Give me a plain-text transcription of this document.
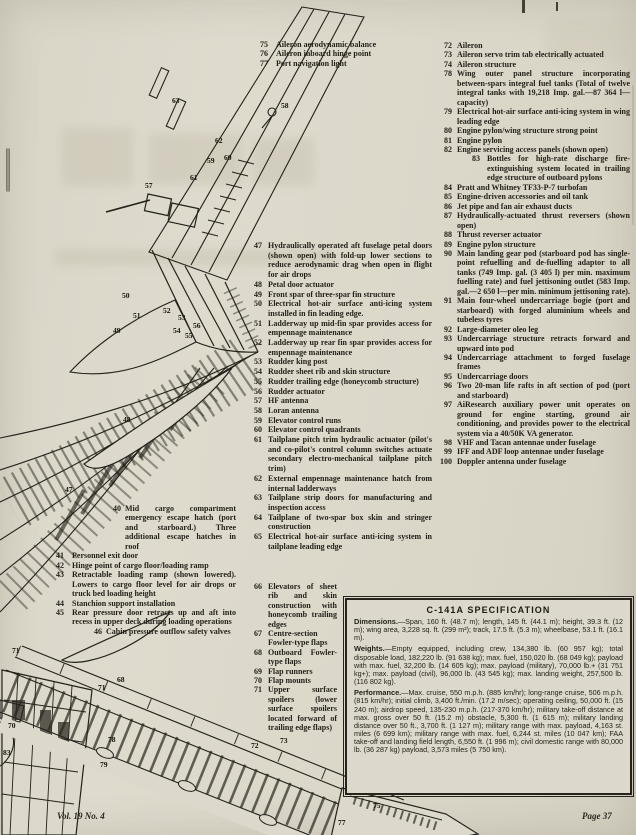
63
58
62
60
59
61
57
50
52
51	53
56
49	54
55
48
47
71
68
71
70
78	73
72
83
79
75
77
75 Aileron aerodynamic balance
76 Aileron inboard hinge point
77 Port navigation light
72 Aileron
73 Aileron servo trim tab electrically actuated
74 Aileron structure
78 Wing outer panel structure incorporating between-spars integral fuel tanks (Total of twelve integral tanks with 19,218 Imp. gal.—87 364 l—capacity)
79 Electrical hot-air surface anti-icing system in wing leading edge
80 Engine pylon/wing structure strong point
81 Engine pylon
82 Engine servicing access panels (shown open)
83 Bottles for high-rate discharge fire-extinguishing system located in trailing edge structure of outboard pylons
84 Pratt and Whitney TF33-P-7 turbofan
85 Engine-driven accessories and oil tank
86 Jet pipe and fan air exhaust ducts
87 Hydraulically-actuated thrust reversers (shown open)
88 Thrust reverser actuator
89 Engine pylon structure
90 Main landing gear pod (starboard pod has single-point refuelling and de-fuelling adaptor to all tanks (749 Imp. gal. (3 405 l) per min. maximum fuelling rate) and fuel jettisoning outlet (583 Imp. gal.—2 650 l—per min. minimum jettisoning rate).
91 Main four-wheel undercarriage bogie (port and starboard) with forged aluminium wheels and tubeless tyres
92 Large-diameter oleo leg
93 Undercarriage structure retracts forward and upward into pod
94 Undercarriage attachment to forged fuselage frames
95 Undercarriage doors
96 Two 20-man life rafts in aft section of pod (port and starboard)
97 AiResearch auxiliary power unit operates on ground for engine starting, ground air conditioning, and provides power to the electrical system via a 40/50K VA generator.
98 VHF and Tacan antennae under fuselage
99 IFF and ADF loop antennae under fuselage
100 Doppler antenna under fuselage
47 Hydraulically operated aft fuselage petal doors (shown open) with fold-up lower sections to reduce aerodynamic drag when open in flight for air drops
48 Petal door actuator
49 Front spar of three-spar fin structure
50 Electrical hot-air surface anti-icing system installed in fin leading edge.
51 Ladderway up mid-fin spar provides access for empennage maintenance
52 Ladderway up rear fin spar provides access for empennage maintenance
53 Rudder king post
54 Rudder sheet rib and skin structure
55 Rudder trailing edge (honeycomb structure)
56 Rudder actuator
57 HF antenna
58 Loran antenna
59 Elevator control runs
60 Elevator control quadrants
61 Tailplane pitch trim hydraulic actuator (pilot's and co-pilot's control column switches actuate secondary electro-mechanical tailplane pitch trim)
62 External empennage maintenance hatch from internal ladderways
63 Tailplane strip doors for manufacturing and inspection access
64 Tailplane of two-spar box skin and stringer construction
65 Electrical hot-air surface anti-icing system in tailplane leading edge
66 Elevators of sheet rib and skin construction with honeycomb trailing edges
67 Centre-section Fowler-type flaps
68 Outboard Fowler-type flaps
69 Flap runners
70 Flap mounts
71 Upper surface spoilers (lower surface spoilers located forward of trailing edge flaps)
40 Mid cargo compartment emergency escape hatch (port and starboard.) Three additional escape hatches in roof
41 Personnel exit door
42 Hinge point of cargo floor/loading ramp
43 Retractable loading ramp (shown lowered). Lowers to cargo floor level for air drops or truck bed loading height
44 Stanchion support installation
45 Rear pressure door retracts up and aft into recess in upper deck during loading operations
46 Cabin pressure outflow safety valves
C-141A SPECIFICATION

Dimensions.—Span, 160 ft. (48.7 m); length, 145 ft. (44.1 m); height, 39.3 ft. (12 m); wing area, 3,228 sq. ft. (299 m²); track, 17.5 ft. (5.3 m); wheelbase, 53.1 ft. (16.1 m).

Weights.—Empty equipped, including crew, 134,380 lb. (60 957 kg); total disposable load, 182,220 lb. (91 638 kg); max. fuel, 150,020 lb. (68 049 kg); payload with max. fuel, 32,200 lb. (14 605 kg); max. payload (military), 70,000 lb.+ (31 751 kg+); max. payload (civil), 96,000 lb. (43 545 kg); max. landing weight, 257,500 lb. (116 802 kg).

Performance.—Max. cruise, 550 m.p.h. (885 km/hr); long-range cruise, 506 m.p.h. (815 km/hr); initial climb, 3,400 ft./min. (17.2 m/sec); operating ceiling, 50,000 ft. (15 240 m); airdrop speed, 135-230 m.p.h. (217-370 km/hr); military take-off distance at max. gross over 50 ft. (15.2 m) obstacle, 5,300 ft. (1 615 m); military landing distance over 50 ft., 3,700 ft. (1 127 m); military range with max. payload, 4,163 st. miles (6 699 km); military range with max. fuel, 6,244 st. miles (10 047 km); FAA take-off and landing field length, 6,550 ft. (1 996 m); civil domestic range with 80,000 lb. (36 287 kg) payload, 3,573 miles (5 750 km).

Vol. 19 No. 4	Page 37
